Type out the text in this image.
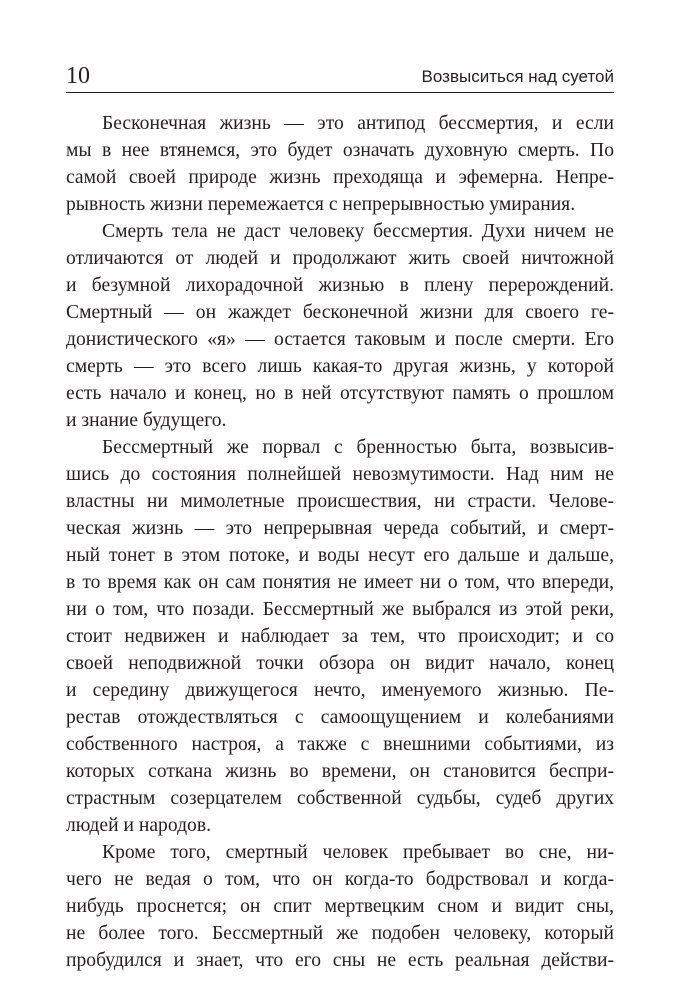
10	Возвыситься над суетой

Бесконечная жизнь — это антипод бессмертия, и если
мы в нее втянемся, это будет означать духовную смерть. По
самой своей природе жизнь преходяща и эфемерна. Непре-
рывность жизни перемежается с непрерывностью умирания.

Смерть тела не даст человеку бессмертия. Духи ничем не
отличаются от людей и продолжают жить своей ничтожной
и безумной лихорадочной жизнью в плену перерождений.
Смертный — он жаждет бесконечной жизни для своего ге-
донистического «я» — остается таковым и после смерти. Его
смерть — это всего лишь какая-то другая жизнь, у которой
есть начало и конец, но в ней отсутствуют память о прошлом
и знание будущего.

Бессмертный же порвал с бренностью быта, возвысив-
шись до состояния полнейшей невозмутимости. Над ним не
властны ни мимолетные происшествия, ни страсти. Челове-
ческая жизнь — это непрерывная череда событий, и смерт-
ный тонет в этом потоке, и воды несут его дальше и дальше,
в то время как он сам понятия не имеет ни о том, что впереди,
ни о том, что позади. Бессмертный же выбрался из этой реки,
стоит недвижен и наблюдает за тем, что происходит; и со
своей неподвижной точки обзора он видит начало, конец
и середину движущегося нечто, именуемого жизнью. Пе-
рестав отождествляться с самоощущением и колебаниями
собственного настроя, а также с внешними событиями, из
которых соткана жизнь во времени, он становится беспри-
страстным созерцателем собственной судьбы, судеб других
людей и народов.

Кроме того, смертный человек пребывает во сне, ни-
чего не ведая о том, что он когда-то бодрствовал и когда-
нибудь проснется; он спит мертвецким сном и видит сны,
не более того. Бессмертный же подобен человеку, который
пробудился и знает, что его сны не есть реальная действи-
